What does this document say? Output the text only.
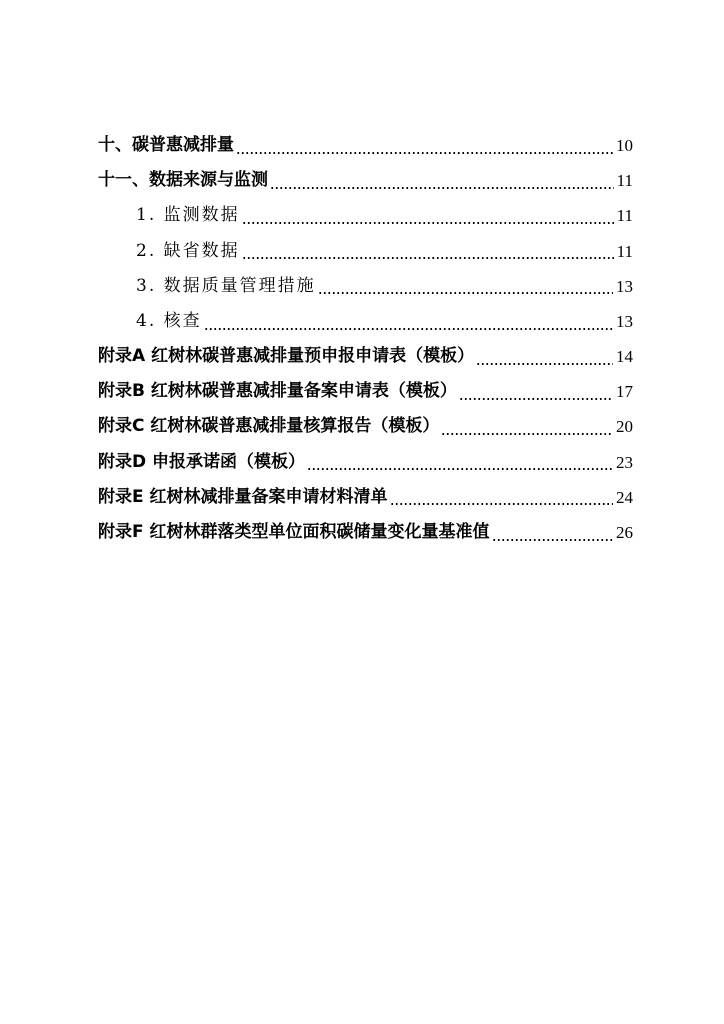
十、碳普惠减排量	10
十一、数据来源与监测	11
1. 监测数据	11
2. 缺省数据	11
3. 数据质量管理措施	13
4. 核查	13
附录A 红树林碳普惠减排量预申报申请表（模板）	14
附录B 红树林碳普惠减排量备案申请表（模板）	17
附录C 红树林碳普惠减排量核算报告（模板）	20
附录D 申报承诺函（模板）	23
附录E 红树林减排量备案申请材料清单	24
附录F 红树林群落类型单位面积碳储量变化量基准值	26
